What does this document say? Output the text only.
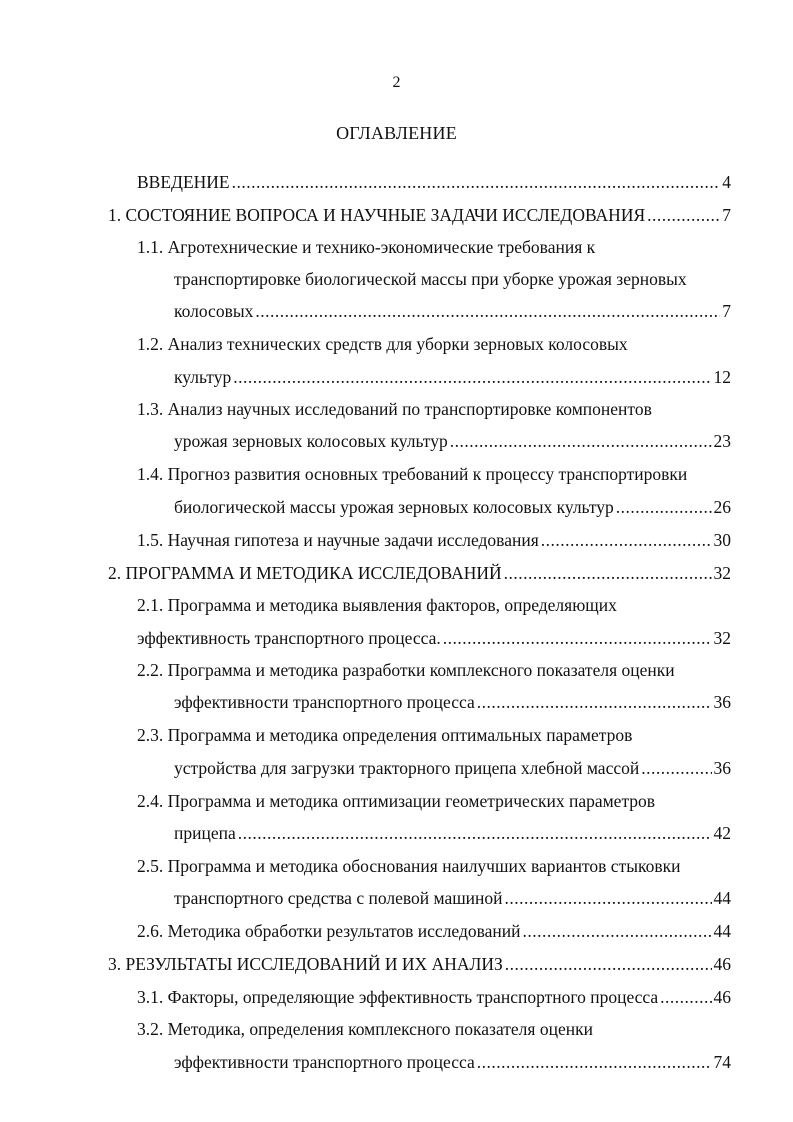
2
ОГЛАВЛЕНИЕ
ВВЕДЕНИЕ .....	4
1. СОСТОЯНИЕ ВОПРОСА И НАУЧНЫЕ ЗАДАЧИ ИССЛЕДОВАНИЯ .....	7
1.1. Агротехнические и технико-экономические требования к
транспортировке биологической массы при уборке урожая зерновых
колосовых .....	7
1.2. Анализ технических средств для уборки зерновых колосовых
культур .....	12
1.3. Анализ научных исследований по транспортировке компонентов
урожая зерновых колосовых культур .....	23
1.4. Прогноз развития основных требований к процессу транспортировки
биологической массы урожая зерновых колосовых культур .....	26
1.5. Научная гипотеза и научные задачи исследования .....	30
2. ПРОГРАММА И МЕТОДИКА ИССЛЕДОВАНИЙ .....	32
2.1. Программа и методика выявления факторов, определяющих
эффективность транспортного процесса. .....	32
2.2. Программа и методика разработки комплексного показателя оценки
эффективности транспортного процесса .....	36
2.3. Программа и методика определения оптимальных параметров
устройства для загрузки тракторного прицепа хлебной массой .....	36
2.4. Программа и методика оптимизации геометрических параметров
прицепа .....	42
2.5. Программа и методика обоснования наилучших вариантов стыковки
транспортного средства с полевой машиной .....	44
2.6. Методика обработки результатов исследований .....	44
3. РЕЗУЛЬТАТЫ ИССЛЕДОВАНИЙ И ИХ АНАЛИЗ .....	46
3.1. Факторы, определяющие эффективность транспортного процесса .....	46
3.2. Методика, определения комплексного показателя оценки
эффективности транспортного процесса .....	74
